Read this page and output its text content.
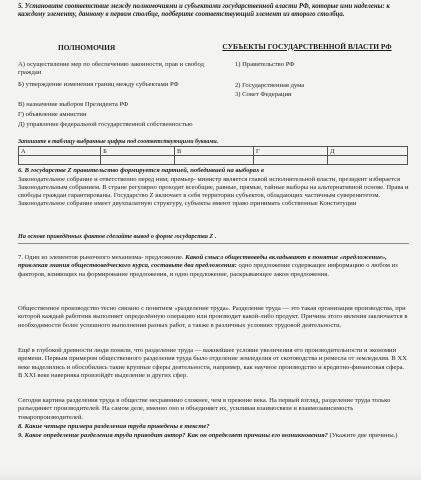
5. Установите соответствие между полномочиями и субъектами государственной власти РФ, которые ими наделены: к каждому элементу, данному в первом столбце, подберите соответствующий элемент из второго столбца.
ПОЛНОМОЧИЯ	СУБЪЕКТЫ ГОСУДАРСТВЕННОЙ ВЛАСТИ РФ
А) осуществление мер по обеспечению законности, прав и свобод граждан
Б) утверждение изменения границ между субъектами РФ
В) назначение выборов Президента РФ
Г) объявление амнистии
Д) управление федеральной государственной собственностью
1) Правительство РФ
2) Государственная дума
3) Совет Федерации
Запишите в таблицу выбранные цифры под соответствующими буквами.
А	Б	В	Г	Д

6. В государстве Z правительство формируется партией, победившей на выборах в
Законодательное собрание и ответственно перед ним; премьер- министр является главой исполнительной власти, президент избирается Законодательным собранием. В стране регулярно проходят всеобщие, равные, прямые, тайные выборы на альтернативной основе. Права и свободы граждан гарантированы. Государство Z включает в себя территории субъектов, обладающих частичным суверенитетом. Законодательное собрание имеет двухпалатную структуру, субъекты имеют право принимать собственные Конституции
На основе приведённых фактов сделайте вывод о форме государства Z .
7. Один из элементов рыночного механизма- предложение. Какой смысл обществоведы вкладывают в понятие «предложение», привлекая знания обществоведческого курса, составьте два предложения: одно предложение содержащее информацию о любом из факторов, влияющих на формирование предложения, и одно предложение, раскрывающее закон предложения.
Общественное производство тесно связано с понятием «разделение труда». Разделение труда — это такая организация производства, при которой каждый работник выполняет определённую операцию или производит какой-либо продукт. Причина этого явления заключается в необходимости более успешного выполнения разных работ, а также в различных условиях трудовой деятельности.
Ещё в глубокой древности люди поняли, что разделение труда — важнейшее условие увеличения его производительности и экономии времени. Первым примером общественного разделения труда было отделение земледелия от скотоводства и ремесла от земледелия. В XX веке выделились и обособились такие крупные сферы деятельности, например, как научное производство и кредитно-финансовая сфера. В XXI веке наверняка произойдёт выделение и других сфер.
Сегодня картина разделения труда в обществе несравнимо сложнее, чем в прежние века. На первый взгляд, разделение труда только разъединяет производителей. На самом деле, именно оно и объединяет их, усиливая взаимосвязи и взаимозависимость товаропроизводителей.
8. Какие четыре примера разделения труда приведены в тексте?
9. Какое определение разделения труда приводит автор? Как он определяет причины его возникновения? (Укажите две причины.)
